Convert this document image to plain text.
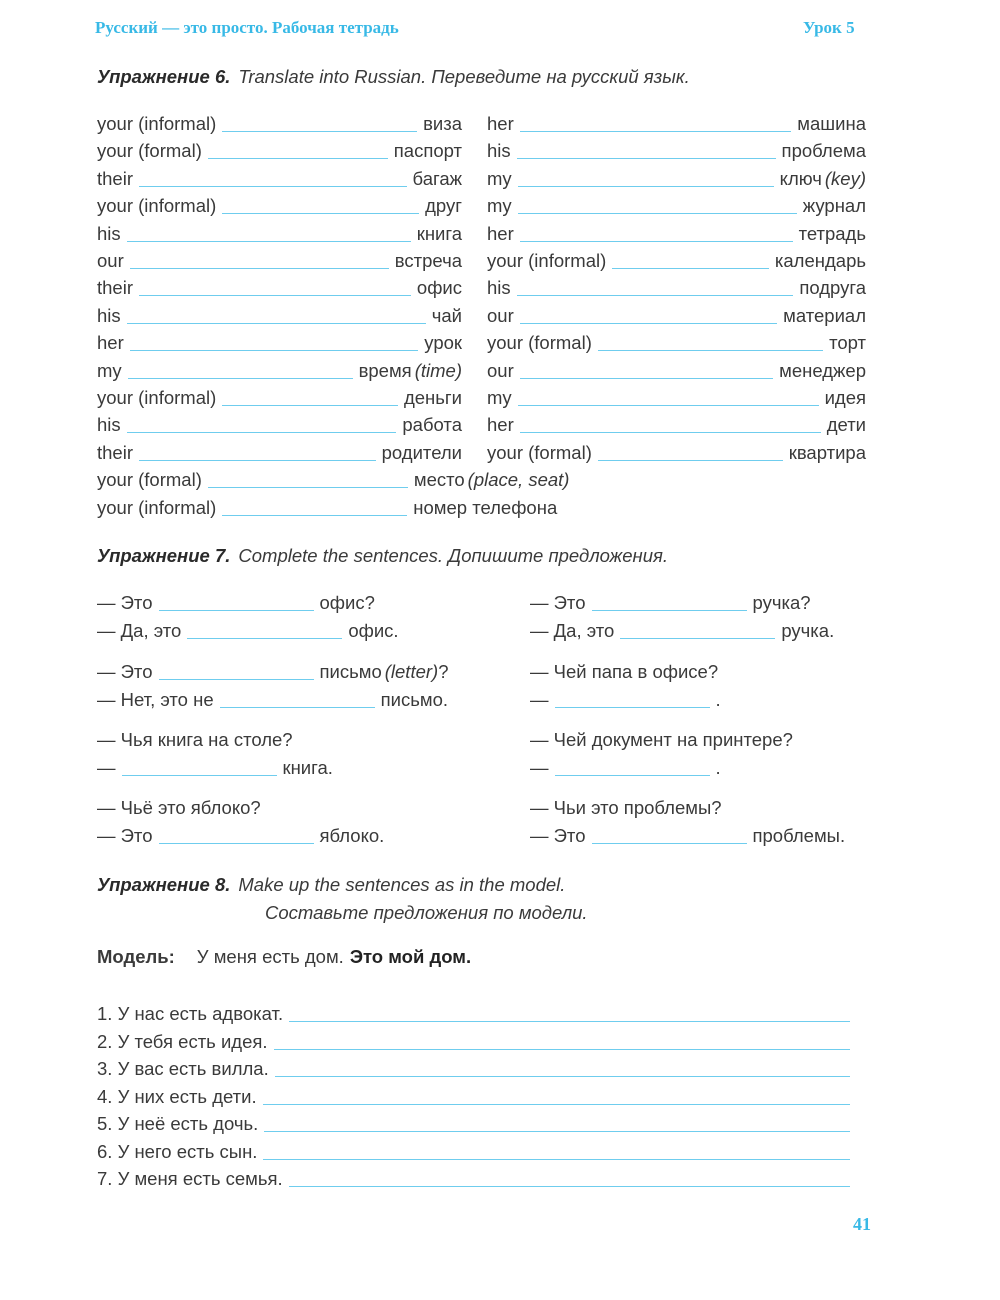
Русский — это просто. Рабочая тетрадь	Урок 5
Упражнение 6. Translate into Russian. Переведите на русский язык.
your (informal)	виза
your (formal)	паспорт
their	багаж
your (informal)	друг
his	книга
our	встреча
their	офис
his	чай
her	урок
my	время (time)
your (informal)	деньги
his	работа
their	родители
your (formal)	место (place, seat)
your (informal)	номер телефона
her	машина
his	проблема
my	ключ (key)
my	журнал
her	тетрадь
your (informal)	календарь
his	подруга
our	материал
your (formal)	торт
our	менеджер
my	идея
her	дети
your (formal)	квартира
Упражнение 7. Complete the sentences. Допишите предложения.
— Это	офис?
— Да, это	офис.
— Это	письмо (letter) ?
— Нет, это не	письмо.
— Чья книга на столе?
—	книга.
— Чьё это яблоко?
— Это	яблоко.
— Это	ручка?
— Да, это	ручка.
— Чей папа в офисе?
—	.
— Чей документ на принтере?
—	.
— Чьи это проблемы?
— Это	проблемы.
Упражнение 8. Make up the sentences as in the model.
Составьте предложения по модели.
Модель: У меня есть дом. Это мой дом.
1. У нас есть адвокат.
2. У тебя есть идея.
3. У вас есть вилла.
4. У них есть дети.
5. У неё есть дочь.
6. У него есть сын.
7. У меня есть семья.
41
